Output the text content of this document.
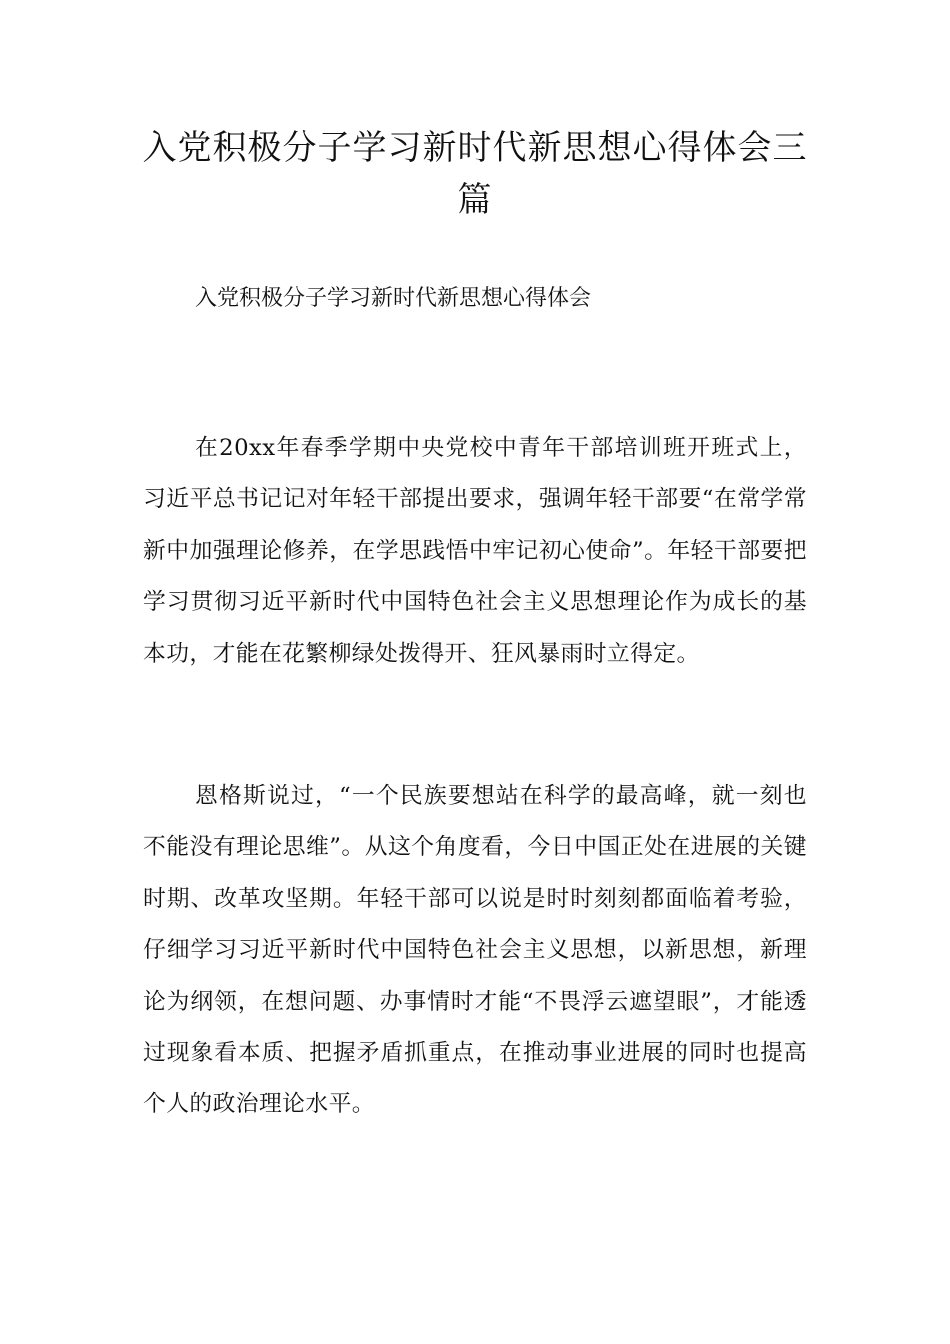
入党积极分子学习新时代新思想心得体会三篇

入党积极分子学习新时代新思想心得体会

在20xx年春季学期中央党校中青年干部培训班开班式上，习近平总书记记对年轻干部提出要求，强调年轻干部要“在常学常新中加强理论修养，在学思践悟中牢记初心使命”。年轻干部要把学习贯彻习近平新时代中国特色社会主义思想理论作为成长的基本功，才能在花繁柳绿处拨得开、狂风暴雨时立得定。

恩格斯说过，“一个民族要想站在科学的最高峰，就一刻也不能没有理论思维”。从这个角度看，今日中国正处在进展的关键时期、改革攻坚期。年轻干部可以说是时时刻刻都面临着考验，仔细学习习近平新时代中国特色社会主义思想，以新思想，新理论为纲领，在想问题、办事情时才能“不畏浮云遮望眼”，才能透过现象看本质、把握矛盾抓重点，在推动事业进展的同时也提高个人的政治理论水平。
